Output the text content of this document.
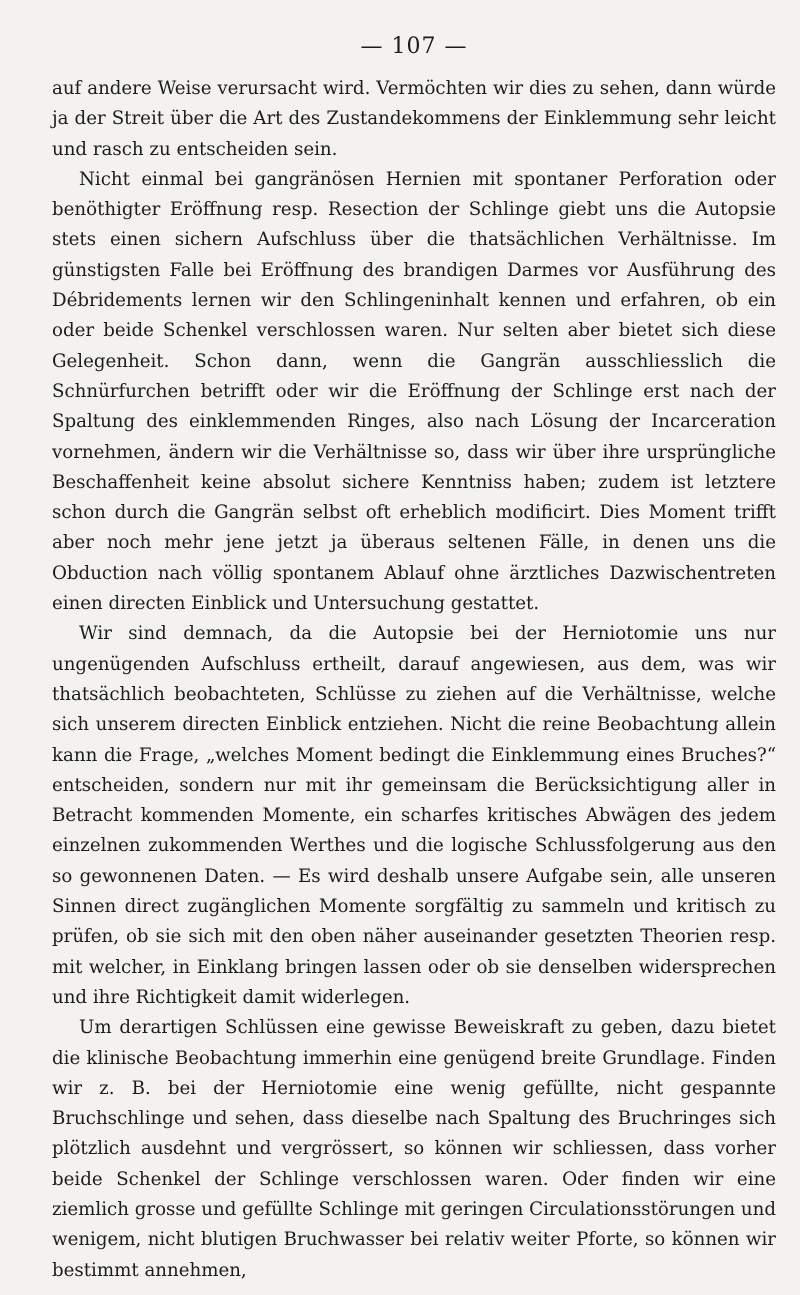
— 107 —

auf andere Weise verursacht wird. Vermöchten wir dies zu sehen, dann würde ja der Streit über die Art des Zustandekommens der Einklemmung sehr leicht und rasch zu entscheiden sein.

Nicht einmal bei gangränösen Hernien mit spontaner Perforation oder benöthigter Eröffnung resp. Resection der Schlinge giebt uns die Autopsie stets einen sichern Aufschluss über die thatsächlichen Verhältnisse. Im günstigsten Falle bei Eröffnung des brandigen Darmes vor Ausführung des Débridements lernen wir den Schlingeninhalt kennen und erfahren, ob ein oder beide Schenkel verschlossen waren. Nur selten aber bietet sich diese Gelegenheit. Schon dann, wenn die Gangrän ausschliesslich die Schnürfurchen betrifft oder wir die Eröffnung der Schlinge erst nach der Spaltung des einklemmenden Ringes, also nach Lösung der Incarceration vornehmen, ändern wir die Verhältnisse so, dass wir über ihre ursprüngliche Beschaffenheit keine absolut sichere Kenntniss haben; zudem ist letztere schon durch die Gangrän selbst oft erheblich modificirt. Dies Moment trifft aber noch mehr jene jetzt ja überaus seltenen Fälle, in denen uns die Obduction nach völlig spontanem Ablauf ohne ärztliches Dazwischentreten einen directen Einblick und Untersuchung gestattet.

Wir sind demnach, da die Autopsie bei der Herniotomie uns nur ungenügenden Aufschluss ertheilt, darauf angewiesen, aus dem, was wir thatsächlich beobachteten, Schlüsse zu ziehen auf die Verhältnisse, welche sich unserem directen Einblick entziehen. Nicht die reine Beobachtung allein kann die Frage, „welches Moment bedingt die Einklemmung eines Bruches?“ entscheiden, sondern nur mit ihr gemeinsam die Berücksichtigung aller in Betracht kommenden Momente, ein scharfes kritisches Abwägen des jedem einzelnen zukommenden Werthes und die logische Schlussfolgerung aus den so gewonnenen Daten. — Es wird deshalb unsere Aufgabe sein, alle unseren Sinnen direct zugänglichen Momente sorgfältig zu sammeln und kritisch zu prüfen, ob sie sich mit den oben näher auseinander gesetzten Theorien resp. mit welcher, in Einklang bringen lassen oder ob sie denselben widersprechen und ihre Richtigkeit damit widerlegen.

Um derartigen Schlüssen eine gewisse Beweiskraft zu geben, dazu bietet die klinische Beobachtung immerhin eine genügend breite Grundlage. Finden wir z. B. bei der Herniotomie eine wenig gefüllte, nicht gespannte Bruchschlinge und sehen, dass dieselbe nach Spaltung des Bruchringes sich plötzlich ausdehnt und vergrössert, so können wir schliessen, dass vorher beide Schenkel der Schlinge verschlossen waren. Oder finden wir eine ziemlich grosse und gefüllte Schlinge mit geringen Circulationsstörungen und wenigem, nicht blutigen Bruchwasser bei relativ weiter Pforte, so können wir bestimmt annehmen,
